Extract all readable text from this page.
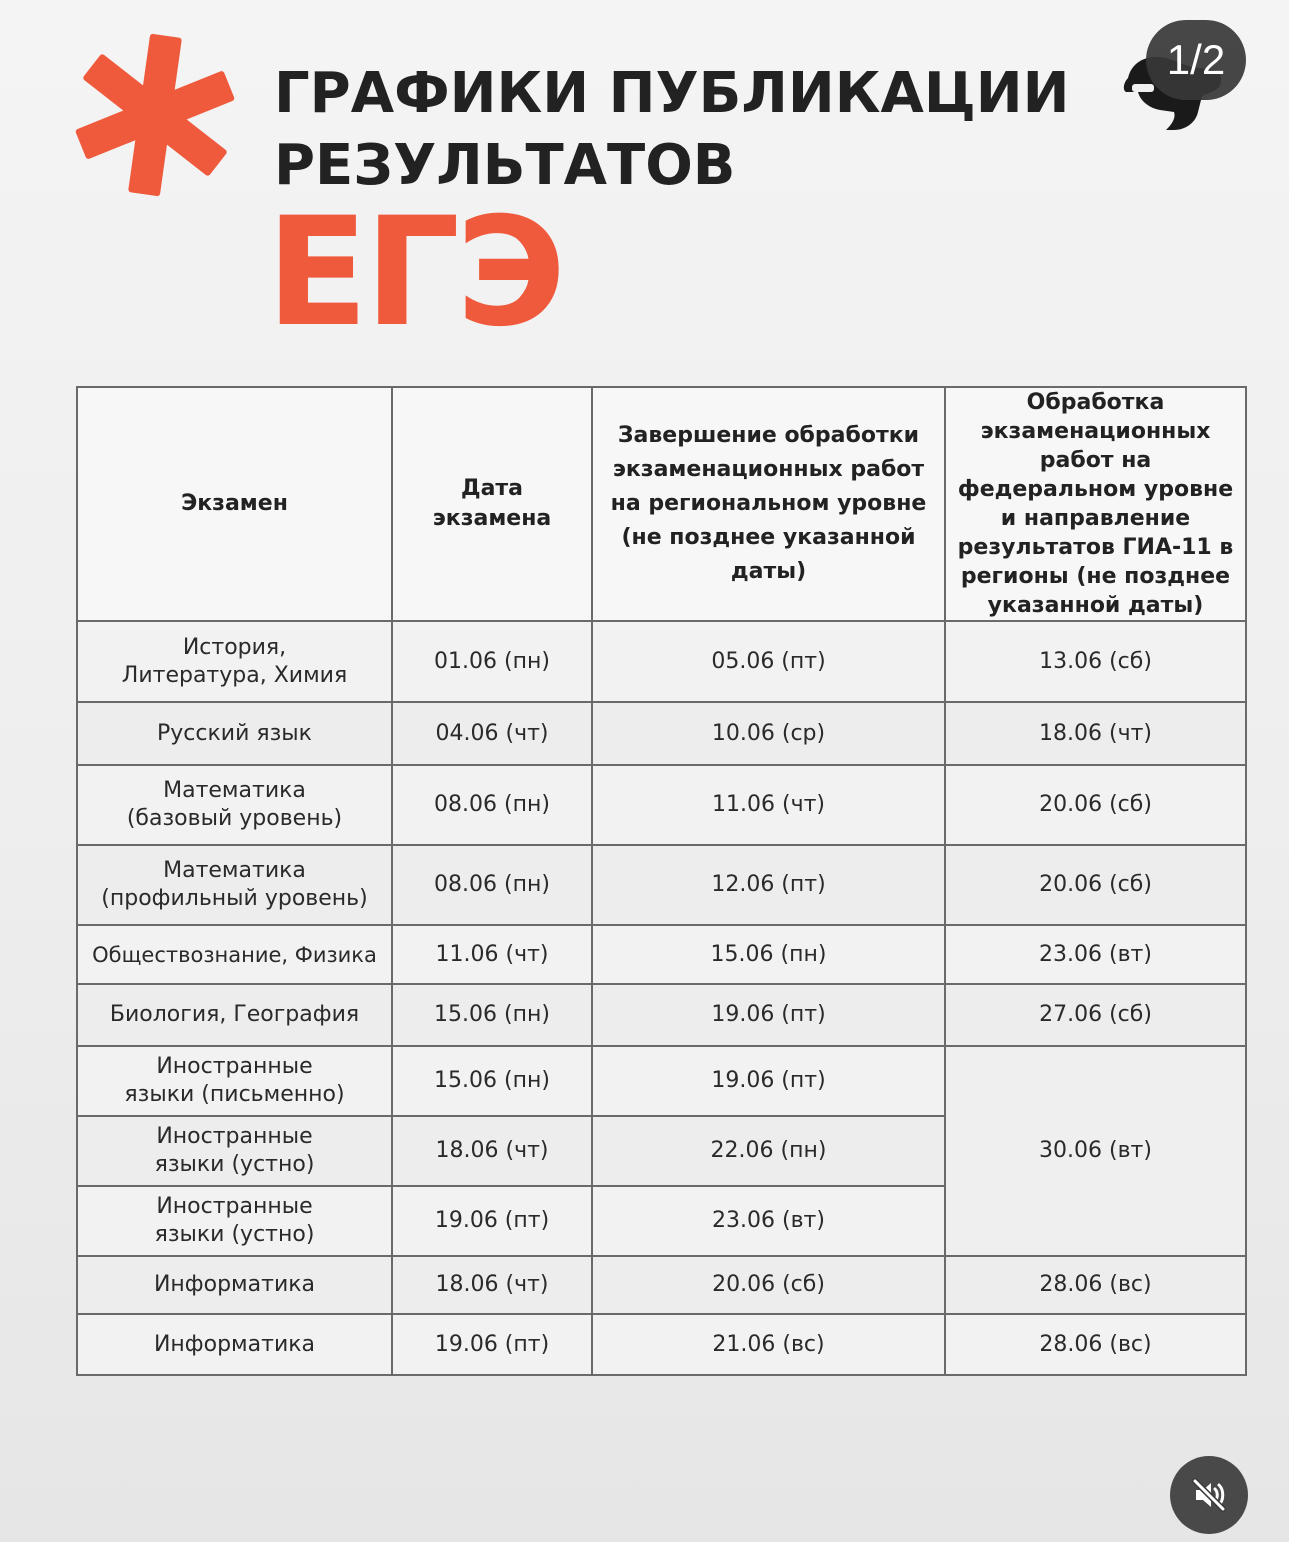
ГРАФИКИ ПУБЛИКАЦИИ
РЕЗУЛЬТАТОВ
ЕГЭ
1/2
Экзамен	Дата экзамена	Завершение обработки экзаменационных работ на региональном уровне (не позднее указанной даты)	Обработка экзаменационных работ на федеральном уровне и направление результатов ГИА-11 в регионы (не позднее указанной даты)
История, Литература, Химия	01.06 (пн)	05.06 (пт)	13.06 (сб)
Русский язык	04.06 (чт)	10.06 (ср)	18.06 (чт)
Математика (базовый уровень)	08.06 (пн)	11.06 (чт)	20.06 (сб)
Математика (профильный уровень)	08.06 (пн)	12.06 (пт)	20.06 (сб)
Обществознание, Физика	11.06 (чт)	15.06 (пн)	23.06 (вт)
Биология, География	15.06 (пн)	19.06 (пт)	27.06 (сб)
Иностранные языки (письменно)	15.06 (пн)	19.06 (пт)	30.06 (вт)
Иностранные языки (устно)	18.06 (чт)	22.06 (пн)	
Иностранные языки (устно)	19.06 (пт)	23.06 (вт)	
Информатика	18.06 (чт)	20.06 (сб)	28.06 (вс)
Информатика	19.06 (пт)	21.06 (вс)	28.06 (вс)
